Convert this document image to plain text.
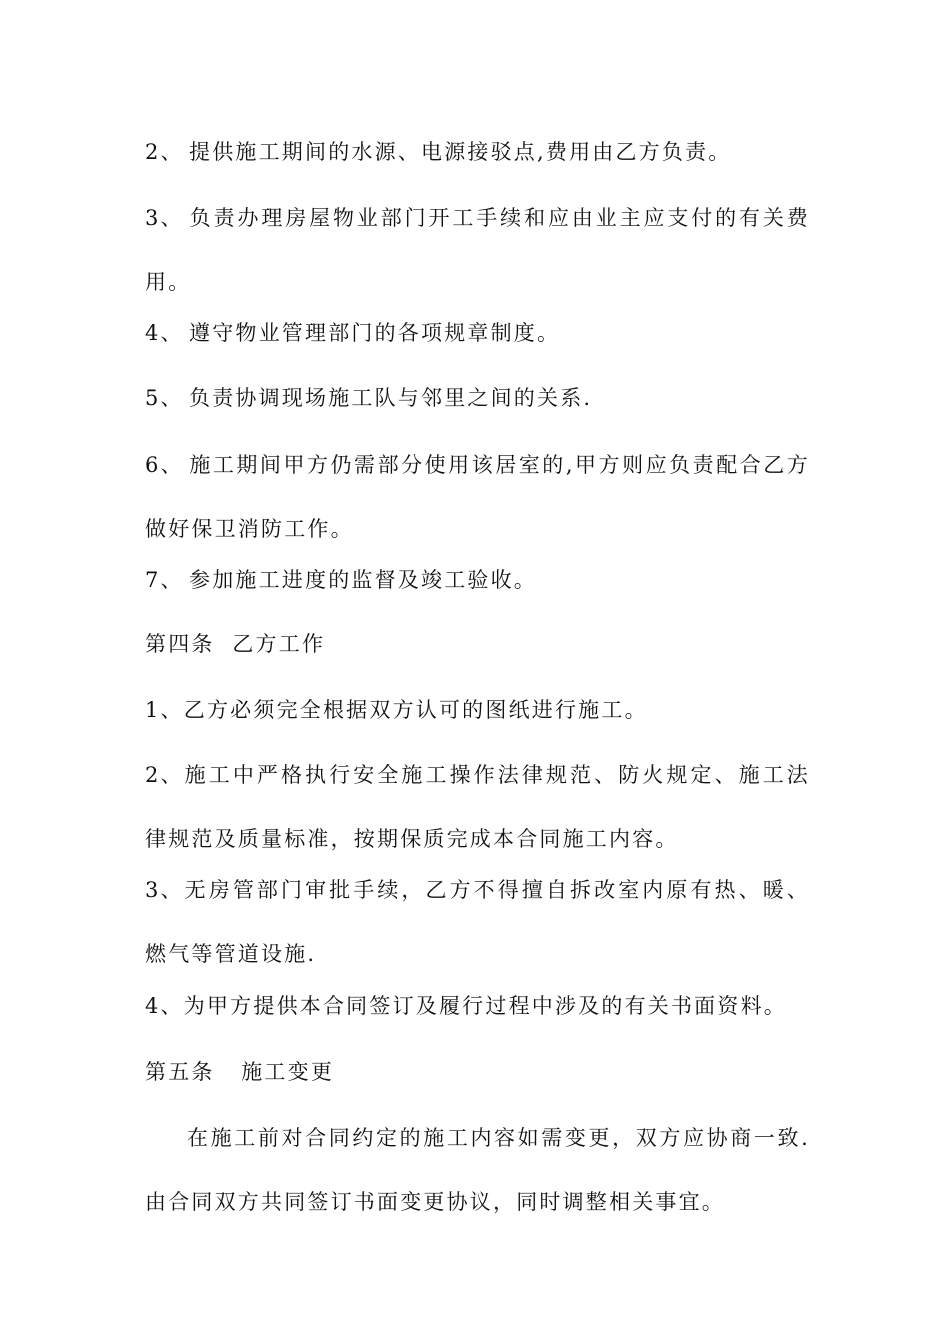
2、 提供施工期间的水源、电源接驳点,费用由乙方负责。
3、 负责办理房屋物业部门开工手续和应由业主应支付的有关费用。
4、 遵守物业管理部门的各项规章制度。
5、 负责协调现场施工队与邻里之间的关系.
6、 施工期间甲方仍需部分使用该居室的,甲方则应负责配合乙方做好保卫消防工作。
7、 参加施工进度的监督及竣工验收。
第四条  乙方工作
1、乙方必须完全根据双方认可的图纸进行施工。
2、施工中严格执行安全施工操作法律规范、防火规定、施工法律规范及质量标准，按期保质完成本合同施工内容。
3、无房管部门审批手续，乙方不得擅自拆改室内原有热、暖、燃气等管道设施.
4、为甲方提供本合同签订及履行过程中涉及的有关书面资料。
第五条   施工变更
在施工前对合同约定的施工内容如需变更，双方应协商一致.由合同双方共同签订书面变更协议，同时调整相关事宜。
